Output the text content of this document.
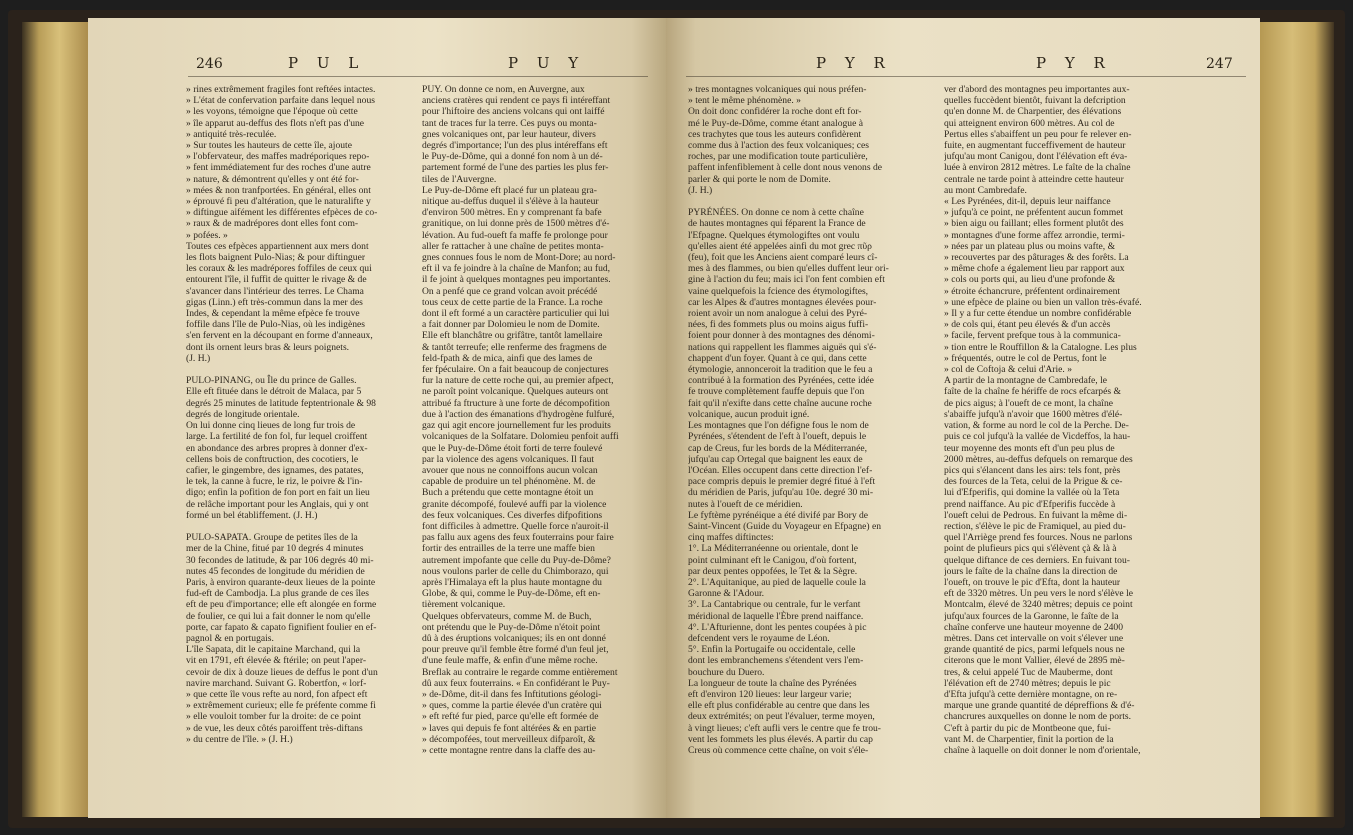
246	P U L	P U Y
» rines extrêmement fragiles font reftées intactes.
» L'état de confervation parfaite dans lequel nous
» les voyons, témoigne que l'époque où cette
» île apparut au-deffus des flots n'eft pas d'une
» antiquité très-reculée.
» Sur toutes les hauteurs de cette île, ajoute
» l'obfervateur, des maffes madréporiques repo-
» fent immédiatement fur des roches d'une autre
» nature, & démontrent qu'elles y ont été for-
» mées & non tranfportées. En général, elles ont
» éprouvé fi peu d'altération, que le naturalifte y
» diftingue aifément les différentes efpèces de co-
» raux & de madrépores dont elles font com-
» pofées. »
Toutes ces efpèces appartiennent aux mers dont
les flots baignent Pulo-Nias; & pour diftinguer
les coraux & les madrépores foffiles de ceux qui
entourent l'île, il fuffit de quitter le rivage & de
s'avancer dans l'intérieur des terres. Le Chama
gigas (Linn.) eft très-commun dans la mer des
Indes, & cependant la même efpèce fe trouve
foffile dans l'île de Pulo-Nias, où les indigènes
s'en fervent en la découpant en forme d'anneaux,
dont ils ornent leurs bras & leurs poignets.
(J. H.)

PULO-PINANG, ou Île du prince de Galles.
Elle eft fituée dans le détroit de Malaca, par 5
degrés 25 minutes de latitude feptentrionale & 98
degrés de longitude orientale.
On lui donne cinq lieues de long fur trois de
large. La fertilité de fon fol, fur lequel croiffent
en abondance des arbres propres à donner d'ex-
cellens bois de conftruction, des cocotiers, le
cafier, le gingembre, des ignames, des patates,
le tek, la canne à fucre, le riz, le poivre & l'in-
digo; enfin la pofition de fon port en fait un lieu
de relâche important pour les Anglais, qui y ont
formé un bel établiffement. (J. H.)

PULO-SAPATA. Groupe de petites îles de la
mer de la Chine, fitué par 10 degrés 4 minutes
30 fecondes de latitude, & par 106 degrés 40 mi-
nutes 45 fecondes de longitude du méridien de
Paris, à environ quarante-deux lieues de la pointe
fud-eft de Cambodja. La plus grande de ces îles
eft de peu d'importance; elle eft alongée en forme
de foulier, ce qui lui a fait donner le nom qu'elle
porte, car fapato & capato fignifient foulier en ef-
pagnol & en portugais.
L'île Sapata, dit le capitaine Marchand, qui la
vit en 1791, eft élevée & ftérile; on peut l'aper-
cevoir de dix à douze lieues de deffus le pont d'un
navire marchand. Suivant G. Robertfon, « lorf-
» que cette île vous refte au nord, fon afpect eft
» extrêmement curieux; elle fe préfente comme fi
» elle vouloit tomber fur la droite: de ce point
» de vue, les deux côtés paroiffent très-diftans
» du centre de l'île. » (J. H.)
PUY. On donne ce nom, en Auvergne, aux
anciens cratères qui rendent ce pays fi intéreffant
pour l'hiftoire des anciens volcans qui ont laiffé
tant de traces fur la terre. Ces puys ou monta-
gnes volcaniques ont, par leur hauteur, divers
degrés d'importance; l'un des plus intéreffans eft
le Puy-de-Dôme, qui a donné fon nom à un dé-
partement formé de l'une des parties les plus fer-
tiles de l'Auvergne.
Le Puy-de-Dôme eft placé fur un plateau gra-
nitique au-deffus duquel il s'élève à la hauteur
d'environ 500 mètres. En y comprenant fa bafe
granitique, on lui donne près de 1500 mètres d'é-
lévation. Au fud-oueft fa maffe fe prolonge pour
aller fe rattacher à une chaîne de petites monta-
gnes connues fous le nom de Mont-Dore; au nord-
eft il va fe joindre à la chaîne de Manfon; au fud,
il fe joint à quelques montagnes peu importantes.
On a penfé que ce grand volcan avoit précédé
tous ceux de cette partie de la France. La roche
dont il eft formé a un caractère particulier qui lui
a fait donner par Dolomieu le nom de Domite.
Elle eft blanchâtre ou grifâtre, tantôt lamellaire
& tantôt terreufe; elle renferme des fragmens de
feld-fpath & de mica, ainfi que des lames de
fer fpéculaire. On a fait beaucoup de conjectures
fur la nature de cette roche qui, au premier afpect,
ne paroît point volcanique. Quelques auteurs ont
attribué fa ftructure à une forte de décompofition
due à l'action des émanations d'hydrogène fulfuré,
gaz qui agit encore journellement fur les produits
volcaniques de la Solfatare. Dolomieu penfoit auffi
que le Puy-de-Dôme étoit forti de terre foulevé
par la violence des agens volcaniques. Il faut
avouer que nous ne connoiffons aucun volcan
capable de produire un tel phénomène. M. de
Buch a prétendu que cette montagne étoit un
granite décompofé, foulevé auffi par la violence
des feux volcaniques. Ces diverfes difpofitions
font difficiles à admettre. Quelle force n'auroit-il
pas fallu aux agens des feux fouterrains pour faire
fortir des entrailles de la terre une maffe bien
autrement impofante que celle du Puy-de-Dôme?
nous voulons parler de celle du Chimborazo, qui
après l'Himalaya eft la plus haute montagne du
Globe, & qui, comme le Puy-de-Dôme, eft en-
tièrement volcanique.
Quelques obfervateurs, comme M. de Buch,
ont prétendu que le Puy-de-Dôme n'étoit point
dû à des éruptions volcaniques; ils en ont donné
pour preuve qu'il femble être formé d'un feul jet,
d'une feule maffe, & enfin d'une même roche.
Breflak au contraire le regarde comme entièrement
dû aux feux fouterrains. « En confidérant le Puy-
» de-Dôme, dit-il dans fes Inftitutions géologi-
» ques, comme la partie élevée d'un cratère qui
» eft refté fur pied, parce qu'elle eft formée de
» laves qui depuis fe font altérées & en partie
» décompofées, tout merveilleux difparoît, &
» cette montagne rentre dans la claffe des au-
P Y R	P Y R	247
» tres montagnes volcaniques qui nous préfen-
» tent le même phénomène. »
On doit donc confidérer la roche dont eft for-
mé le Puy-de-Dôme, comme étant analogue à
ces trachytes que tous les auteurs confidèrent
comme dus à l'action des feux volcaniques; ces
roches, par une modification toute particulière,
paffent infenfiblement à celle dont nous venons de
parler & qui porte le nom de Domite.
(J. H.)

PYRÉNÉES. On donne ce nom à cette chaîne
de hautes montagnes qui féparent la France de
l'Efpagne. Quelques étymologiftes ont voulu
qu'elles aient été appelées ainfi du mot grec πῦρ
(feu), foit que les Anciens aient comparé leurs cî-
mes à des flammes, ou bien qu'elles duffent leur ori-
gine à l'action du feu; mais ici l'on fent combien eft
vaine quelquefois la fcience des étymologiftes,
car les Alpes & d'autres montagnes élevées pour-
roient avoir un nom analogue à celui des Pyré-
nées, fi des fommets plus ou moins aigus fuffi-
foient pour donner à des montagnes des dénomi-
nations qui rappellent les flammes aiguës qui s'é-
chappent d'un foyer. Quant à ce qui, dans cette
étymologie, annonceroit la tradition que le feu a
contribué à la formation des Pyrénées, cette idée
fe trouve complètement fauffe depuis que l'on
fait qu'il n'exifte dans cette chaîne aucune roche
volcanique, aucun produit igné.
Les montagnes que l'on défigne fous le nom de
Pyrénées, s'étendent de l'eft à l'oueft, depuis le
cap de Creus, fur les bords de la Méditerranée,
jufqu'au cap Ortegal que baignent les eaux de
l'Océan. Elles occupent dans cette direction l'ef-
pace compris depuis le premier degré fitué à l'eft
du méridien de Paris, jufqu'au 10e. degré 30 mi-
nutes à l'oueft de ce méridien.
Le fyftème pyrénéique a été divifé par Bory de
Saint-Vincent (Guide du Voyageur en Efpagne) en
cinq maffes diftinctes:
1°. La Méditerranéenne ou orientale, dont le
point culminant eft le Canigou, d'où fortent,
par deux pentes oppofées, le Tet & la Sègre.
2°. L'Aquitanique, au pied de laquelle coule la
Garonne & l'Adour.
3°. La Cantabrique ou centrale, fur le verfant
méridional de laquelle l'Èbre prend naiffance.
4°. L'Afturienne, dont les pentes coupées à pic
defcendent vers le royaume de Léon.
5°. Enfin la Portugaife ou occidentale, celle
dont les embranchemens s'étendent vers l'em-
bouchure du Duero.
La longueur de toute la chaîne des Pyrénées
eft d'environ 120 lieues: leur largeur varie;
elle eft plus confidérable au centre que dans les
deux extrémités; on peut l'évaluer, terme moyen,
à vingt lieues; c'eft aufli vers le centre que fe trou-
vent les fommets les plus élevés. A partir du cap
Creus où commence cette chaîne, on voit s'éle-
ver d'abord des montagnes peu importantes aux-
quelles fuccèdent bientôt, fuivant la defcription
qu'en donne M. de Charpentier, des élévations
qui atteignent environ 600 mètres. Au col de
Pertus elles s'abaiffent un peu pour fe relever en-
fuite, en augmentant fucceffivement de hauteur
jufqu'au mont Canigou, dont l'élévation eft éva-
luée à environ 2812 mètres. Le faîte de la chaîne
centrale ne tarde point à atteindre cette hauteur
au mont Cambredafe.
« Les Pyrénées, dit-il, depuis leur naiffance
» jufqu'à ce point, ne préfentent aucun fommet
» bien aigu ou faillant; elles forment plutôt des
» montagnes d'une forme affez arrondie, termi-
» nées par un plateau plus ou moins vafte, &
» recouvertes par des pâturages & des forêts. La
» même chofe a également lieu par rapport aux
» cols ou ports qui, au lieu d'une profonde &
» étroite échancrure, préfentent ordinairement
» une efpèce de plaine ou bien un vallon très-évafé.
» Il y a fur cette étendue un nombre confidérable
» de cols qui, étant peu élevés & d'un accès
» facile, fervent prefque tous à la communica-
» tion entre le Rouffillon & la Catalogne. Les plus
» fréquentés, outre le col de Pertus, font le
» col de Coftoja & celui d'Arie. »
A partir de la montagne de Cambredafe, le
faîte de la chaîne fe hériffe de rocs efcarpés &
de pics aigus; à l'oueft de ce mont, la chaîne
s'abaiffe jufqu'à n'avoir que 1600 mètres d'élé-
vation, & forme au nord le col de la Perche. De-
puis ce col jufqu'à la vallée de Vicdeffos, la hau-
teur moyenne des monts eft d'un peu plus de
2000 mètres, au-deffus defquels on remarque des
pics qui s'élancent dans les airs: tels font, près
des fources de la Teta, celui de la Prigue & ce-
lui d'Efperifis, qui domine la vallée où la Teta
prend naiffance. Au pic d'Efperifis fuccède à
l'oueft celui de Pedrous. En fuivant la même di-
rection, s'élève le pic de Framiquel, au pied du-
quel l'Arriège prend fes fources. Nous ne parlons
point de plufieurs pics qui s'élèvent çà & là à
quelque diftance de ces derniers. En fuivant tou-
jours le faîte de la chaîne dans la direction de
l'oueft, on trouve le pic d'Efta, dont la hauteur
eft de 3320 mètres. Un peu vers le nord s'élève le
Montcalm, élevé de 3240 mètres; depuis ce point
jufqu'aux fources de la Garonne, le faîte de la
chaîne conferve une hauteur moyenne de 2400
mètres. Dans cet intervalle on voit s'élever une
grande quantité de pics, parmi lefquels nous ne
citerons que le mont Vallier, élevé de 2895 mè-
tres, & celui appelé Tuc de Mauberme, dont
l'élévation eft de 2740 mètres; depuis le pic
d'Efta jufqu'à cette dernière montagne, on re-
marque une grande quantité de dépreffions & d'é-
chancrures auxquelles on donne le nom de ports.
C'eft à partir du pic de Montbeone que, fui-
vant M. de Charpentier, finit la portion de la
chaîne à laquelle on doit donner le nom d'orientale,
